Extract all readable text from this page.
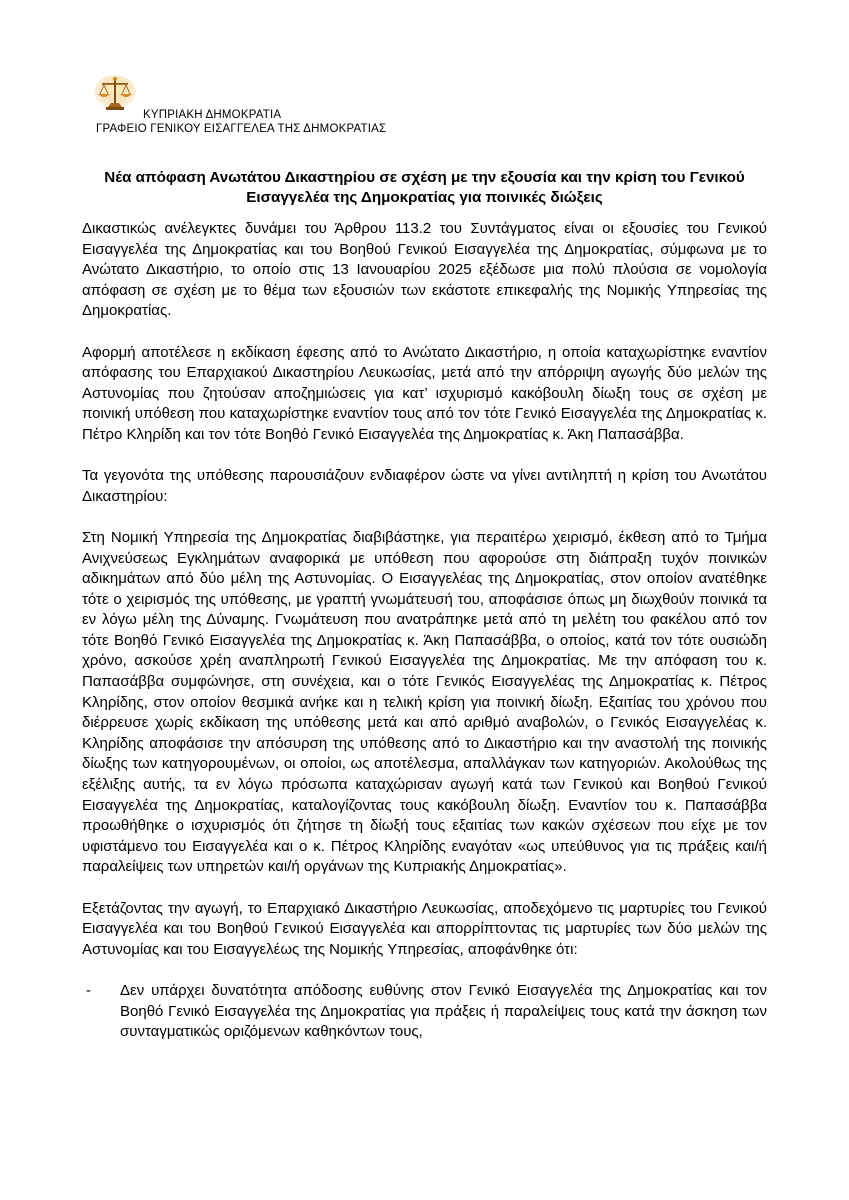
ΚΥΠΡΙΑΚΗ ΔΗΜΟΚΡΑΤΙΑ
ΓΡΑΦΕΙΟ ΓΕΝΙΚΟΥ ΕΙΣΑΓΓΕΛΕΑ ΤΗΣ ΔΗΜΟΚΡΑΤΙΑΣ
Νέα απόφαση Ανωτάτου Δικαστηρίου σε σχέση με την εξουσία και την κρίση του Γενικού Εισαγγελέα της Δημοκρατίας για ποινικές διώξεις

Δικαστικώς ανέλεγκτες δυνάμει του Άρθρου 113.2 του Συντάγματος είναι οι εξουσίες του Γενικού Εισαγγελέα της Δημοκρατίας και του Βοηθού Γενικού Εισαγγελέα της Δημοκρατίας, σύμφωνα με το Ανώτατο Δικαστήριο, το οποίο στις 13 Ιανουαρίου 2025 εξέδωσε μια πολύ πλούσια σε νομολογία απόφαση σε σχέση με το θέμα των εξουσιών των εκάστοτε επικεφαλής της Νομικής Υπηρεσίας της Δημοκρατίας.

Αφορμή αποτέλεσε η εκδίκαση έφεσης από το Ανώτατο Δικαστήριο, η οποία καταχωρίστηκε εναντίον απόφασης του Επαρχιακού Δικαστηρίου Λευκωσίας, μετά από την απόρριψη αγωγής δύο μελών της Αστυνομίας που ζητούσαν αποζημιώσεις για κατ’ ισχυρισμό κακόβουλη δίωξη τους σε σχέση με ποινική υπόθεση που καταχωρίστηκε εναντίον τους από τον τότε Γενικό Εισαγγελέα της Δημοκρατίας κ. Πέτρο Κληρίδη και τον τότε Βοηθό Γενικό Εισαγγελέα της Δημοκρατίας κ. Άκη Παπασάββα.

Τα γεγονότα της υπόθεσης παρουσιάζουν ενδιαφέρον ώστε να γίνει αντιληπτή η κρίση του Ανωτάτου Δικαστηρίου:

Στη Νομική Υπηρεσία της Δημοκρατίας διαβιβάστηκε, για περαιτέρω χειρισμό, έκθεση από το Τμήμα Ανιχνεύσεως Εγκλημάτων αναφορικά με υπόθεση που αφορούσε στη διάπραξη τυχόν ποινικών αδικημάτων από δύο μέλη της Αστυνομίας. Ο Εισαγγελέας της Δημοκρατίας, στον οποίον ανατέθηκε τότε ο χειρισμός της υπόθεσης, με γραπτή γνωμάτευσή του, αποφάσισε όπως μη διωχθούν ποινικά τα εν λόγω μέλη της Δύναμης. Γνωμάτευση που ανατράπηκε μετά από τη μελέτη του φακέλου από τον τότε Βοηθό Γενικό Εισαγγελέα της Δημοκρατίας κ. Άκη Παπασάββα, ο οποίος, κατά τον τότε ουσιώδη χρόνο, ασκούσε χρέη αναπληρωτή Γενικού Εισαγγελέα της Δημοκρατίας. Με την απόφαση του κ. Παπασάββα συμφώνησε, στη συνέχεια, και ο τότε Γενικός Εισαγγελέας της Δημοκρατίας κ. Πέτρος Κληρίδης, στον οποίον θεσμικά ανήκε και η τελική κρίση για ποινική δίωξη. Εξαιτίας του χρόνου που διέρρευσε χωρίς εκδίκαση της υπόθεσης μετά και από αριθμό αναβολών, ο Γενικός Εισαγγελέας κ. Κληρίδης αποφάσισε την απόσυρση της υπόθεσης από το Δικαστήριο και την αναστολή της ποινικής δίωξης των κατηγορουμένων, οι οποίοι, ως αποτέλεσμα, απαλλάγκαν των κατηγοριών. Ακολούθως της εξέλιξης αυτής, τα εν λόγω πρόσωπα καταχώρισαν αγωγή κατά των Γενικού και Βοηθού Γενικού Εισαγγελέα της Δημοκρατίας, καταλογίζοντας τους κακόβουλη δίωξη. Εναντίον του κ. Παπασάββα προωθήθηκε ο ισχυρισμός ότι ζήτησε τη δίωξή τους εξαιτίας των κακών σχέσεων που είχε με τον υφιστάμενο του Εισαγγελέα και ο κ. Πέτρος Κληρίδης εναγόταν «ως υπεύθυνος για τις πράξεις και/ή παραλείψεις των υπηρετών και/ή οργάνων της Κυπριακής Δημοκρατίας».

Εξετάζοντας την αγωγή, το Επαρχιακό Δικαστήριο Λευκωσίας, αποδεχόμενο τις μαρτυρίες του Γενικού Εισαγγελέα και του Βοηθού Γενικού Εισαγγελέα και απορρίπτοντας τις μαρτυρίες των δύο μελών της Αστυνομίας και του Εισαγγελέως της Νομικής Υπηρεσίας, αποφάνθηκε ότι:

- Δεν υπάρχει δυνατότητα απόδοσης ευθύνης στον Γενικό Εισαγγελέα της Δημοκρατίας και τον Βοηθό Γενικό Εισαγγελέα της Δημοκρατίας για πράξεις ή παραλείψεις τους κατά την άσκηση των συνταγματικώς οριζόμενων καθηκόντων τους,
